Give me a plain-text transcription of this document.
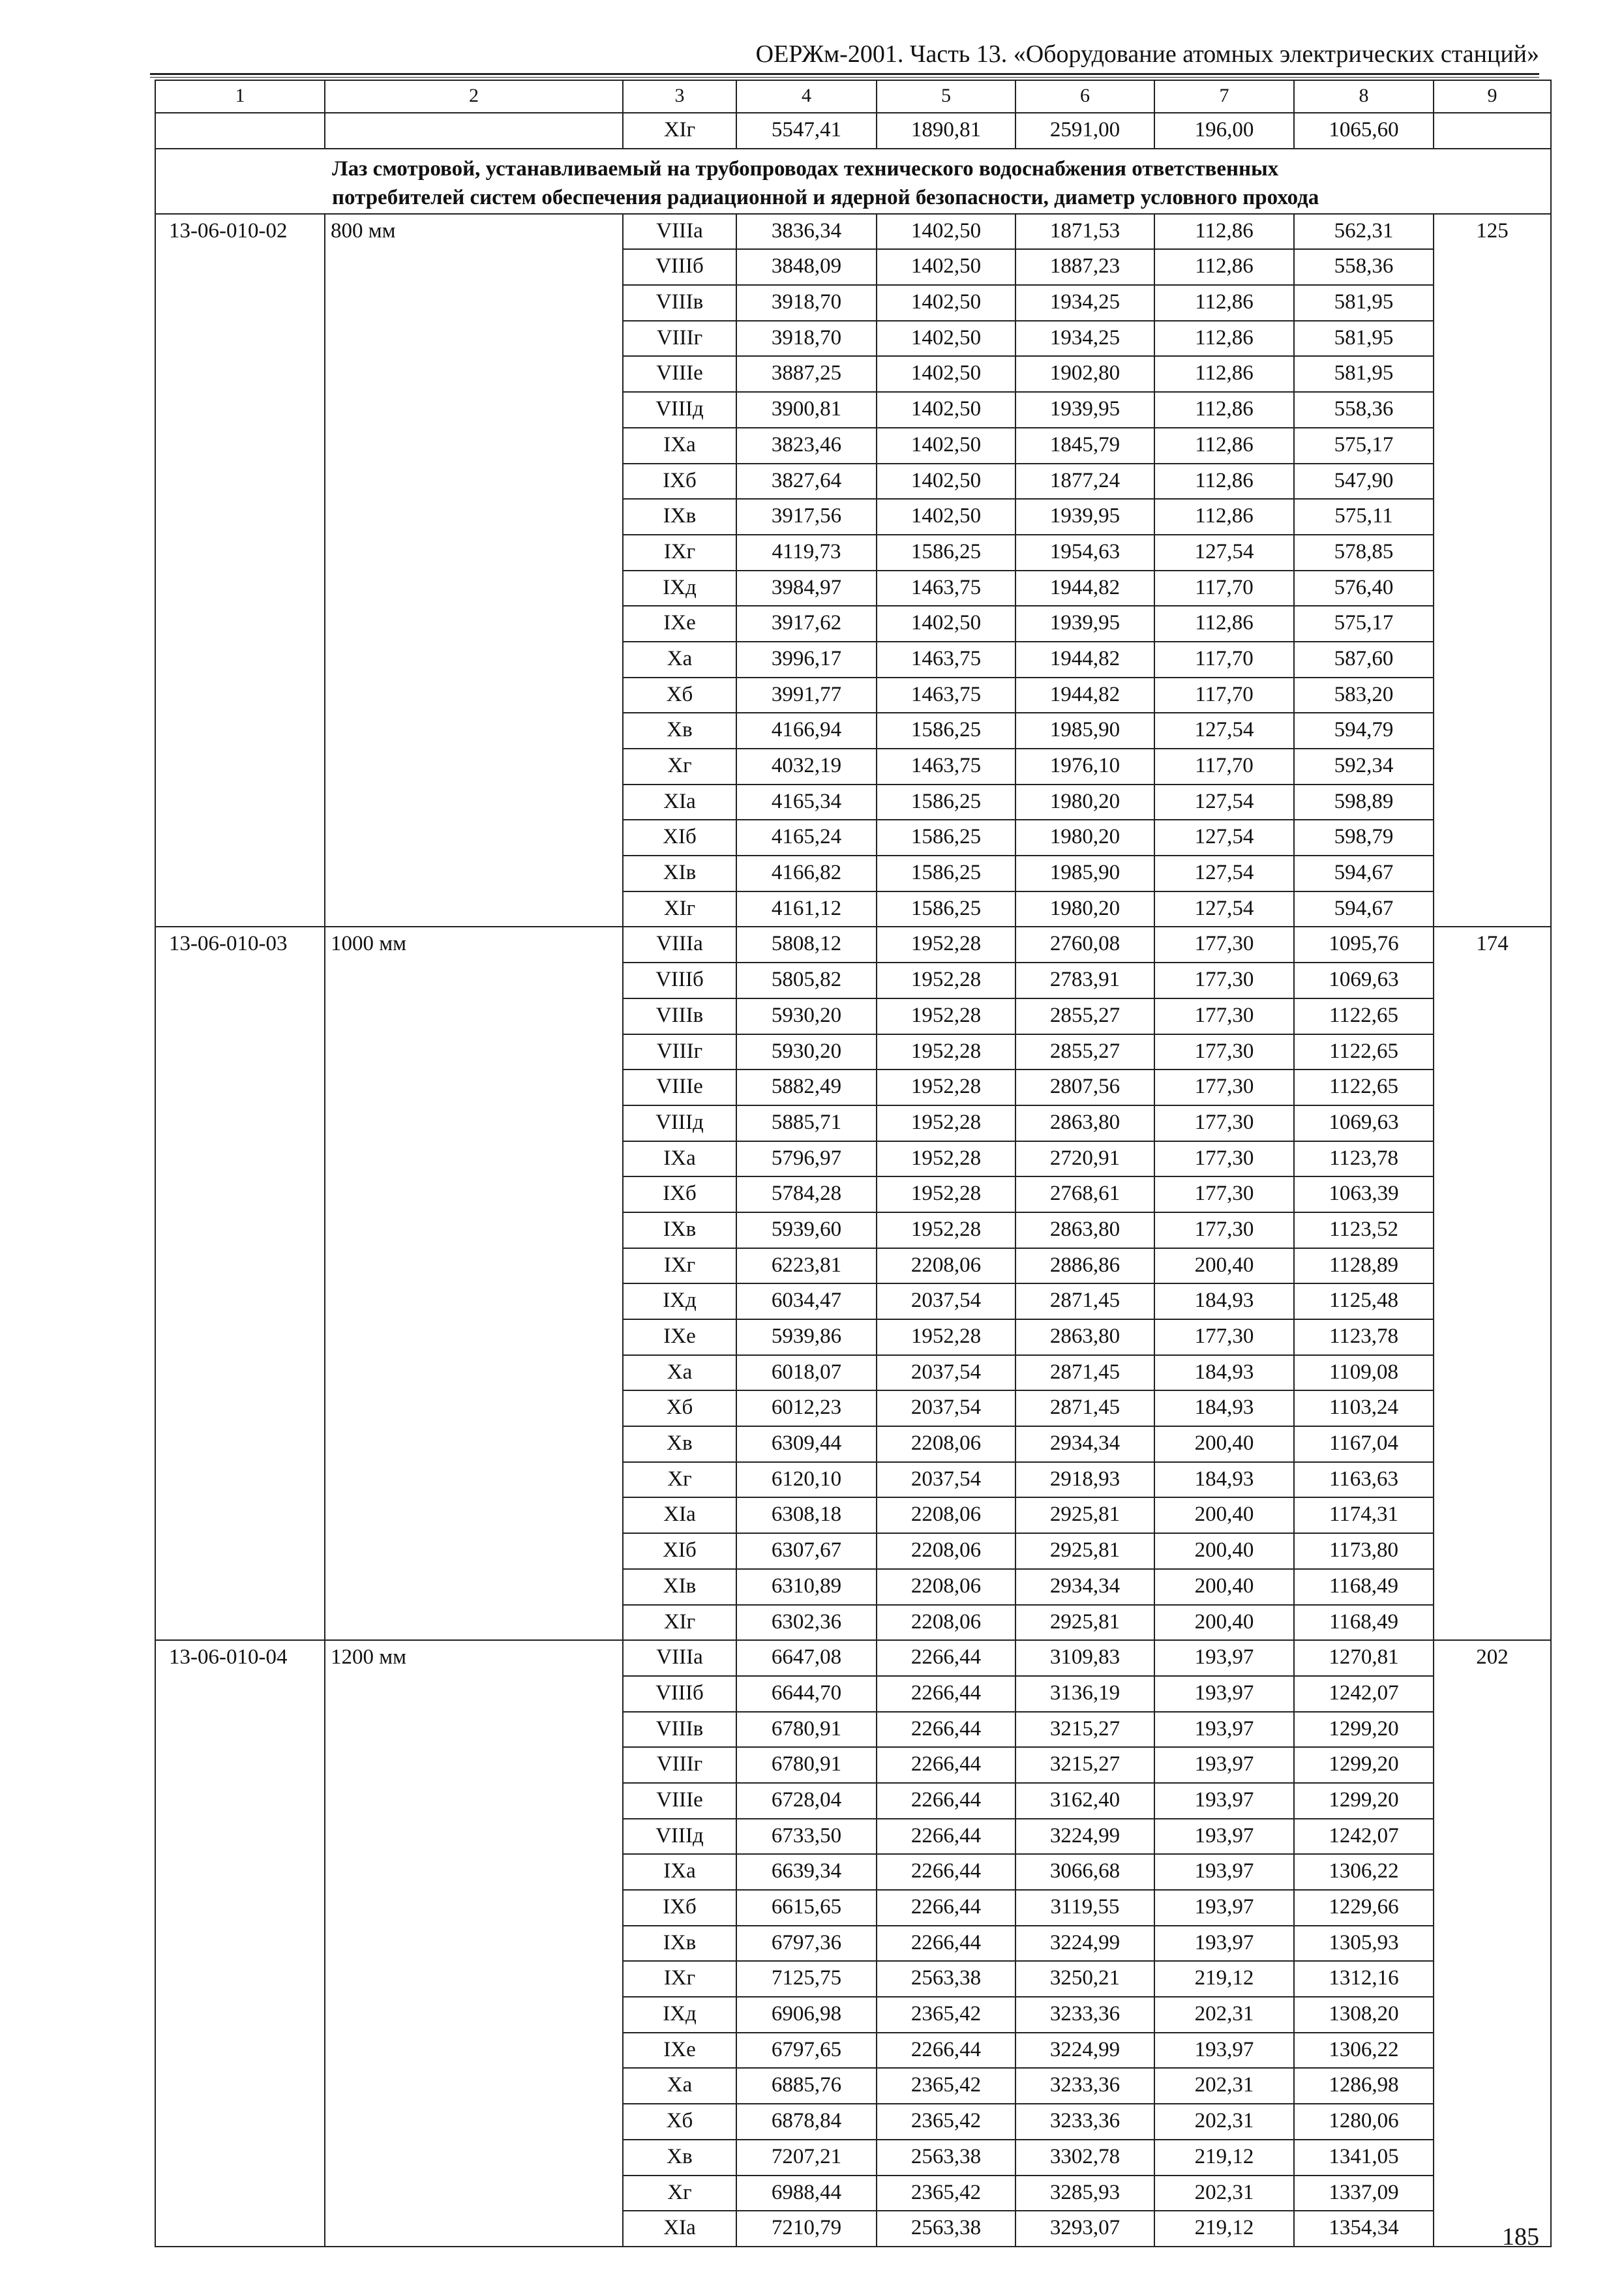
ОЕРЖм-2001. Часть 13. «Оборудование атомных электрических станций»
1	2	3	4	5	6	7	8	9
		XIг	5547,41	1890,81	2591,00	196,00	1065,60	

Лаз смотровой, устанавливаемый на трубопроводах технического водоснабжения ответственных
потребителей систем обеспечения радиационной и ядерной безопасности, диаметр условного прохода								

13-06-010-02	800 мм	VIIIа	3836,34	1402,50	1871,53	112,86	562,31	125
		VIIIб	3848,09	1402,50	1887,23	112,86	558,36	
		VIIIв	3918,70	1402,50	1934,25	112,86	581,95	
		VIIIг	3918,70	1402,50	1934,25	112,86	581,95	
		VIIIе	3887,25	1402,50	1902,80	112,86	581,95	
		VIIIд	3900,81	1402,50	1939,95	112,86	558,36	
		IXа	3823,46	1402,50	1845,79	112,86	575,17	
		IXб	3827,64	1402,50	1877,24	112,86	547,90	
		IXв	3917,56	1402,50	1939,95	112,86	575,11	
		IXг	4119,73	1586,25	1954,63	127,54	578,85	
		IXд	3984,97	1463,75	1944,82	117,70	576,40	
		IXе	3917,62	1402,50	1939,95	112,86	575,17	
		Xа	3996,17	1463,75	1944,82	117,70	587,60	
		Xб	3991,77	1463,75	1944,82	117,70	583,20	
		Xв	4166,94	1586,25	1985,90	127,54	594,79	
		Xг	4032,19	1463,75	1976,10	117,70	592,34	
		XIа	4165,34	1586,25	1980,20	127,54	598,89	
		XIб	4165,24	1586,25	1980,20	127,54	598,79	
		XIв	4166,82	1586,25	1985,90	127,54	594,67	
		XIг	4161,12	1586,25	1980,20	127,54	594,67	
13-06-010-03	1000 мм	VIIIа	5808,12	1952,28	2760,08	177,30	1095,76	174
		VIIIб	5805,82	1952,28	2783,91	177,30	1069,63	
		VIIIв	5930,20	1952,28	2855,27	177,30	1122,65	
		VIIIг	5930,20	1952,28	2855,27	177,30	1122,65	
		VIIIе	5882,49	1952,28	2807,56	177,30	1122,65	
		VIIIд	5885,71	1952,28	2863,80	177,30	1069,63	
		IXа	5796,97	1952,28	2720,91	177,30	1123,78	
		IXб	5784,28	1952,28	2768,61	177,30	1063,39	
		IXв	5939,60	1952,28	2863,80	177,30	1123,52	
		IXг	6223,81	2208,06	2886,86	200,40	1128,89	
		IXд	6034,47	2037,54	2871,45	184,93	1125,48	
		IXе	5939,86	1952,28	2863,80	177,30	1123,78	
		Xа	6018,07	2037,54	2871,45	184,93	1109,08	
		Xб	6012,23	2037,54	2871,45	184,93	1103,24	
		Xв	6309,44	2208,06	2934,34	200,40	1167,04	
		Xг	6120,10	2037,54	2918,93	184,93	1163,63	
		XIа	6308,18	2208,06	2925,81	200,40	1174,31	
		XIб	6307,67	2208,06	2925,81	200,40	1173,80	
		XIв	6310,89	2208,06	2934,34	200,40	1168,49	
		XIг	6302,36	2208,06	2925,81	200,40	1168,49	
13-06-010-04	1200 мм	VIIIа	6647,08	2266,44	3109,83	193,97	1270,81	202
		VIIIб	6644,70	2266,44	3136,19	193,97	1242,07	
		VIIIв	6780,91	2266,44	3215,27	193,97	1299,20	
		VIIIг	6780,91	2266,44	3215,27	193,97	1299,20	
		VIIIе	6728,04	2266,44	3162,40	193,97	1299,20	
		VIIIд	6733,50	2266,44	3224,99	193,97	1242,07	
		IXа	6639,34	2266,44	3066,68	193,97	1306,22	
		IXб	6615,65	2266,44	3119,55	193,97	1229,66	
		IXв	6797,36	2266,44	3224,99	193,97	1305,93	
		IXг	7125,75	2563,38	3250,21	219,12	1312,16	
		IXд	6906,98	2365,42	3233,36	202,31	1308,20	
		IXе	6797,65	2266,44	3224,99	193,97	1306,22	
		Xа	6885,76	2365,42	3233,36	202,31	1286,98	
		Xб	6878,84	2365,42	3233,36	202,31	1280,06	
		Xв	7207,21	2563,38	3302,78	219,12	1341,05	
		Xг	6988,44	2365,42	3285,93	202,31	1337,09	
		XIа	7210,79	2563,38	3293,07	219,12	1354,34		185
